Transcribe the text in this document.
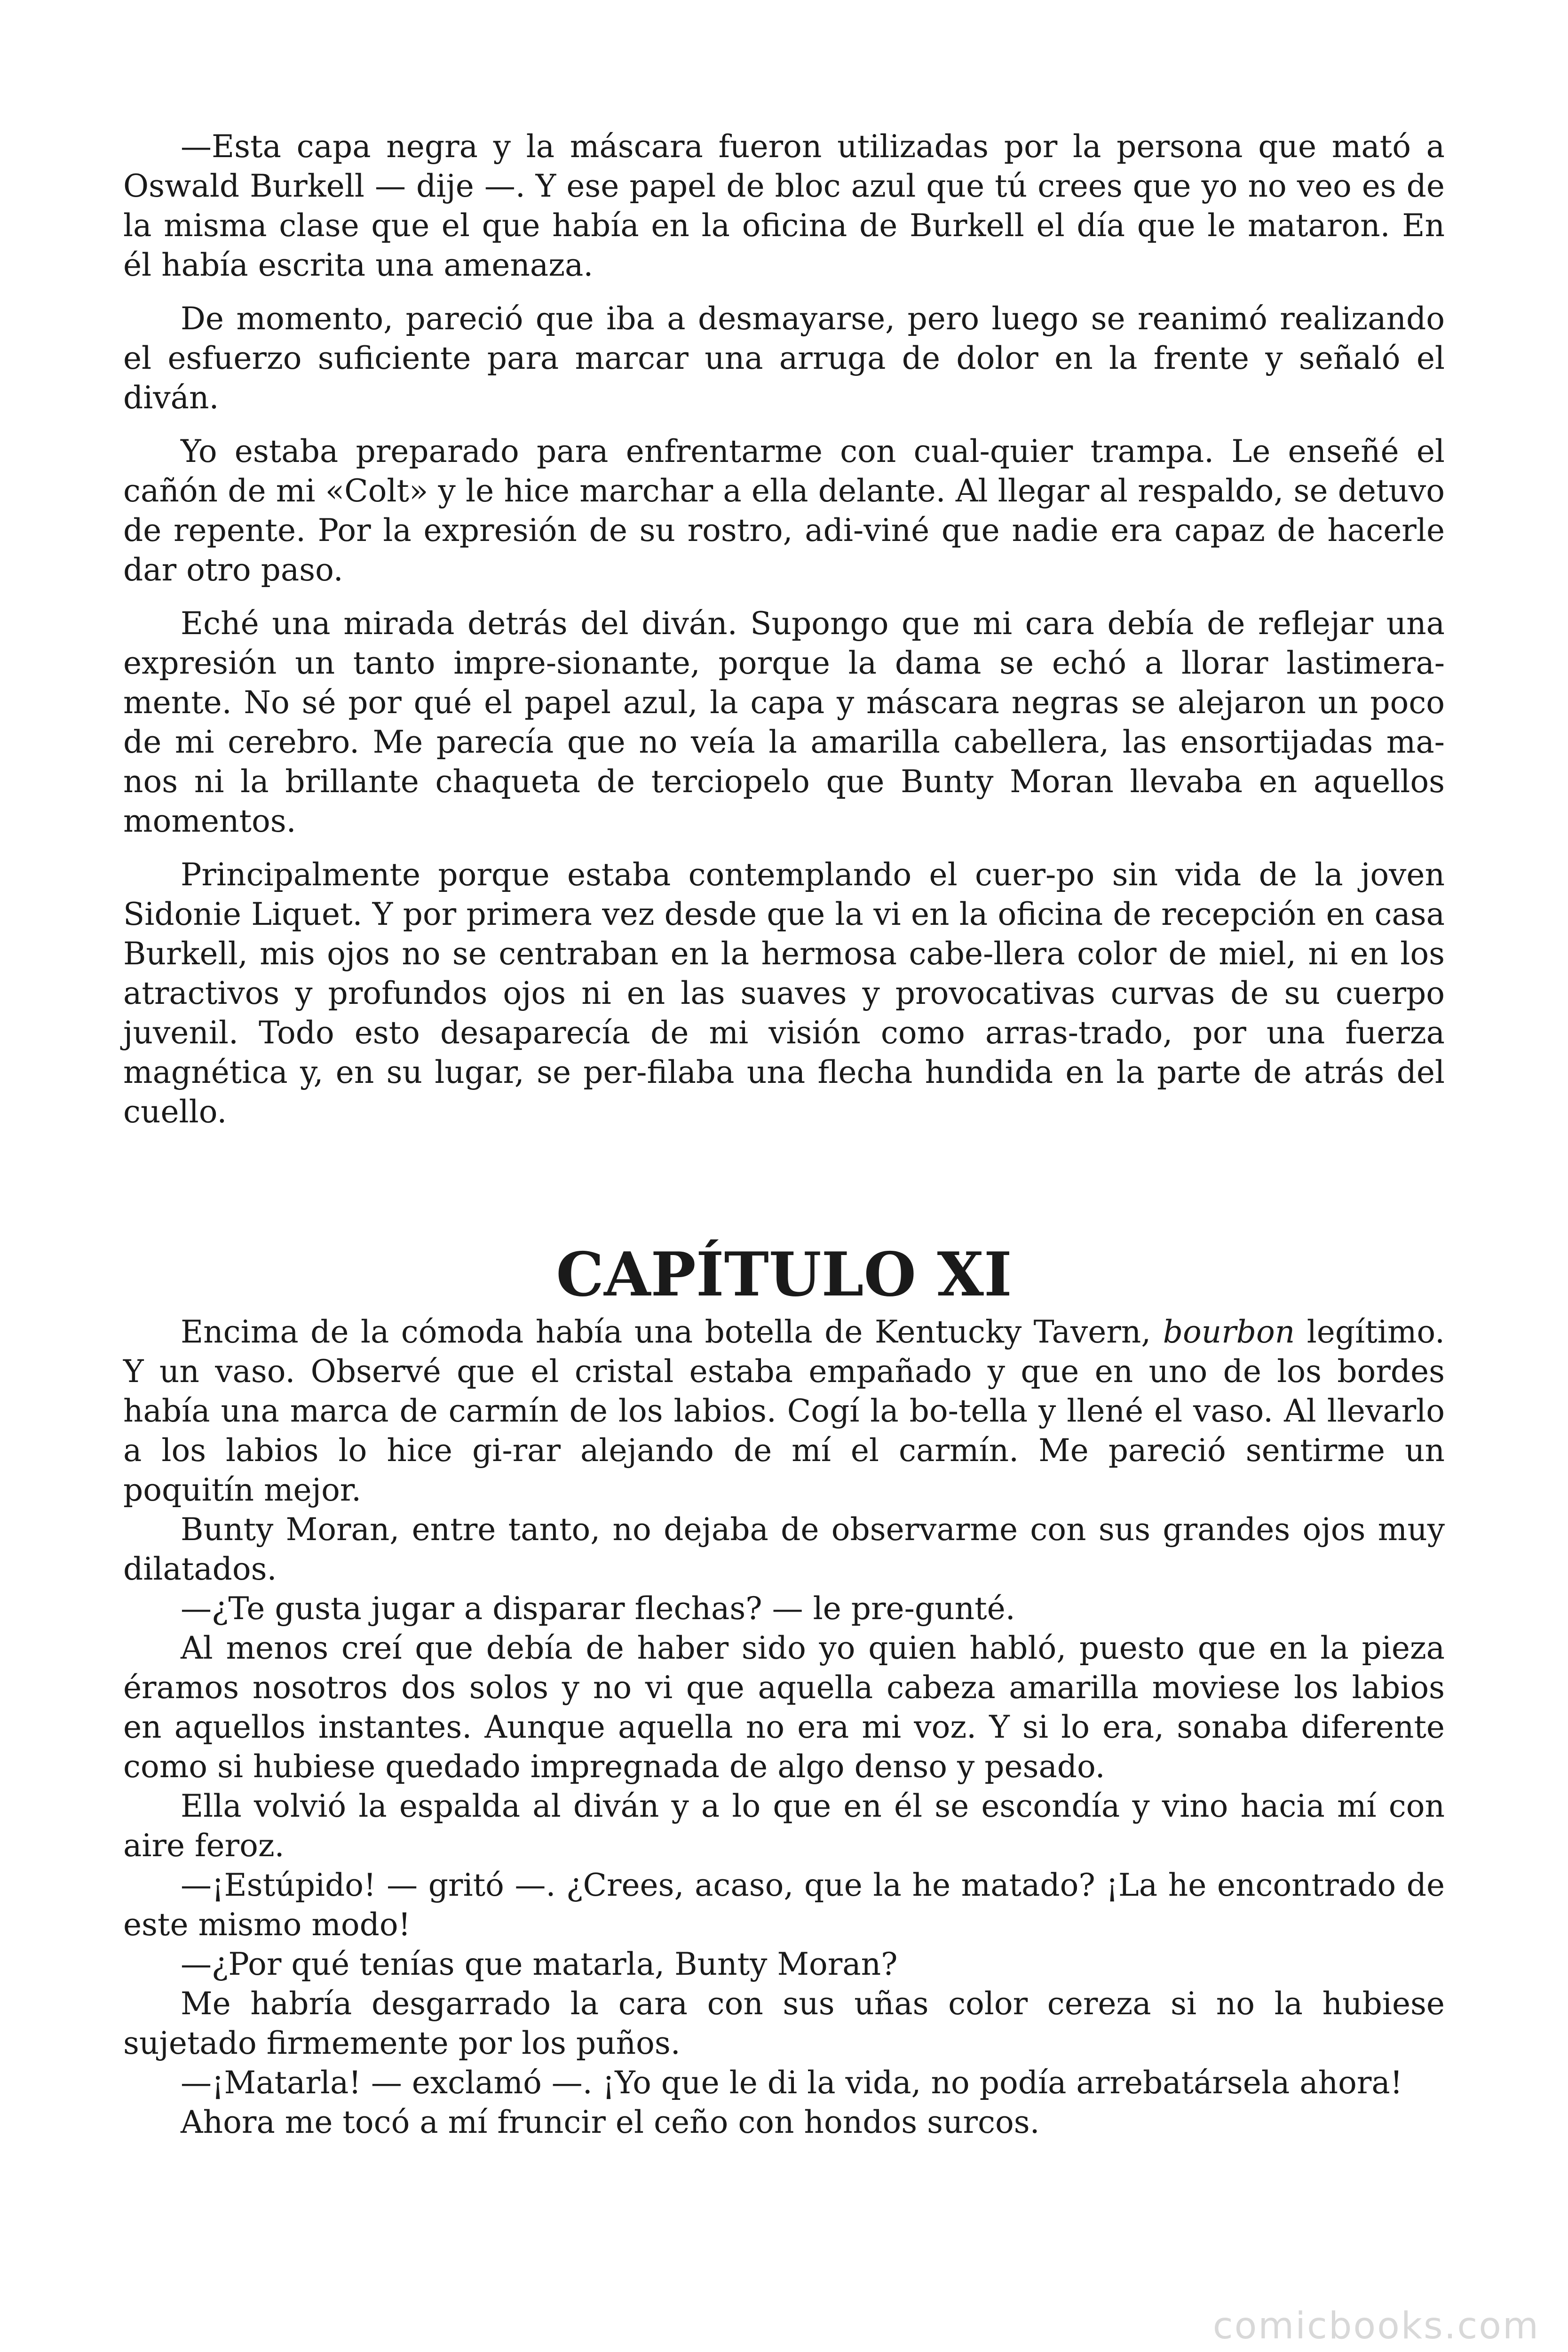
—Esta capa negra y la máscara fueron utilizadas por la persona que mató a Oswald Burkell — dije —. Y ese papel de bloc azul que tú crees que yo no veo es de la misma clase que el que había en la oficina de Burkell el día que le mataron. En él había escrita una amenaza.

De momento, pareció que iba a desmayarse, pero luego se reanimó realizando el esfuerzo suficiente para marcar una arruga de dolor en la frente y señaló el diván.

Yo estaba preparado para enfrentarme con cual-quier trampa. Le enseñé el cañón de mi «Colt» y le hice marchar a ella delante. Al llegar al respaldo, se detuvo de repente. Por la expresión de su rostro, adi-viné que nadie era capaz de hacerle dar otro paso.

Eché una mirada detrás del diván. Supongo que mi cara debía de reflejar una expresión un tanto impre-sionante, porque la dama se echó a llorar lastimera-mente. No sé por qué el papel azul, la capa y máscara negras se alejaron un poco de mi cerebro. Me parecía que no veía la amarilla cabellera, las ensortijadas ma-nos ni la brillante chaqueta de terciopelo que Bunty Moran llevaba en aquellos momentos.

Principalmente porque estaba contemplando el cuer-po sin vida de la joven Sidonie Liquet. Y por primera vez desde que la vi en la oficina de recepción en casa Burkell, mis ojos no se centraban en la hermosa cabe-llera color de miel, ni en los atractivos y profundos ojos ni en las suaves y provocativas curvas de su cuerpo juvenil. Todo esto desaparecía de mi visión como arras-trado, por una fuerza magnética y, en su lugar, se per-filaba una flecha hundida en la parte de atrás del cuello.

CAPÍTULO XI

Encima de la cómoda había una botella de Kentucky Tavern, bourbon legítimo. Y un vaso. Observé que el cristal estaba empañado y que en uno de los bordes había una marca de carmín de los labios. Cogí la bo-tella y llené el vaso. Al llevarlo a los labios lo hice gi-rar alejando de mí el carmín. Me pareció sentirme un poquitín mejor.

Bunty Moran, entre tanto, no dejaba de observarme con sus grandes ojos muy dilatados.

—¿Te gusta jugar a disparar flechas? — le pre-gunté.

Al menos creí que debía de haber sido yo quien habló, puesto que en la pieza éramos nosotros dos solos y no vi que aquella cabeza amarilla moviese los labios en aquellos instantes. Aunque aquella no era mi voz. Y si lo era, sonaba diferente como si hubiese quedado impregnada de algo denso y pesado.

Ella volvió la espalda al diván y a lo que en él se escondía y vino hacia mí con aire feroz.

—¡Estúpido! — gritó —. ¿Crees, acaso, que la he matado? ¡La he encontrado de este mismo modo!

—¿Por qué tenías que matarla, Bunty Moran?

Me habría desgarrado la cara con sus uñas color cereza si no la hubiese sujetado firmemente por los puños.

—¡Matarla! — exclamó —. ¡Yo que le di la vida, no podía arrebatársela ahora!

Ahora me tocó a mí fruncir el ceño con hondos surcos.

comicbooks.com
